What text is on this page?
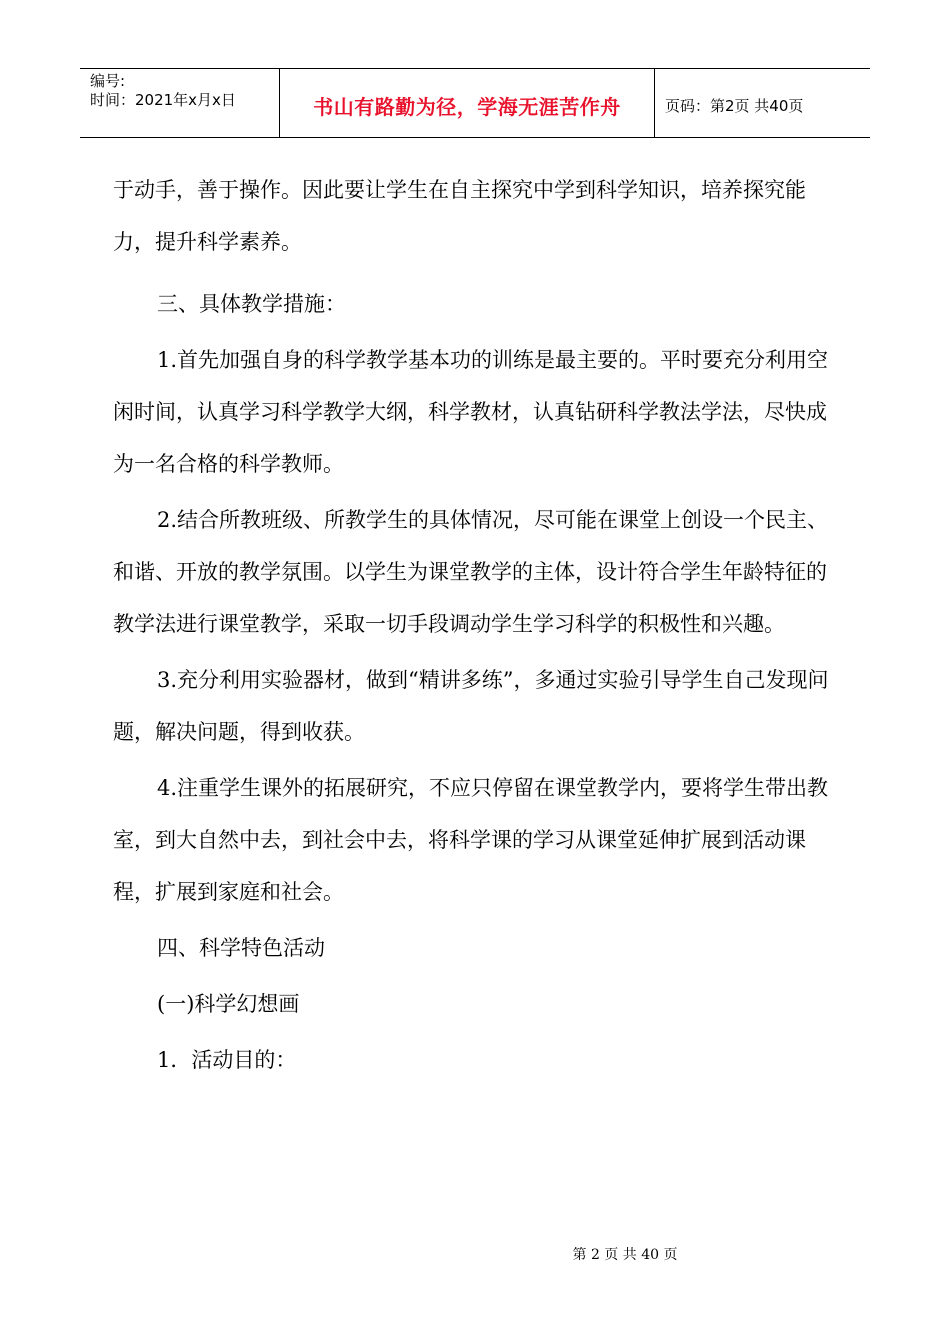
编号:
时间：2021年x月x日	书山有路勤为径，学海无涯苦作舟	页码：第2页 共40页

于动手，善于操作。因此要让学生在自主探究中学到科学知识，培养探究能力，提升科学素养。

三、具体教学措施：

1.首先加强自身的科学教学基本功的训练是最主要的。平时要充分利用空闲时间，认真学习科学教学大纲，科学教材，认真钻研科学教法学法，尽快成为一名合格的科学教师。

2.结合所教班级、所教学生的具体情况，尽可能在课堂上创设一个民主、和谐、开放的教学氛围。以学生为课堂教学的主体，设计符合学生年龄特征的教学法进行课堂教学，采取一切手段调动学生学习科学的积极性和兴趣。

3.充分利用实验器材，做到“精讲多练”，多通过实验引导学生自己发现问题，解决问题，得到收获。

4.注重学生课外的拓展研究，不应只停留在课堂教学内，要将学生带出教室，到大自然中去，到社会中去，将科学课的学习从课堂延伸扩展到活动课程，扩展到家庭和社会。

四、科学特色活动

(一)科学幻想画

1．活动目的：

第 2 页 共 40 页
